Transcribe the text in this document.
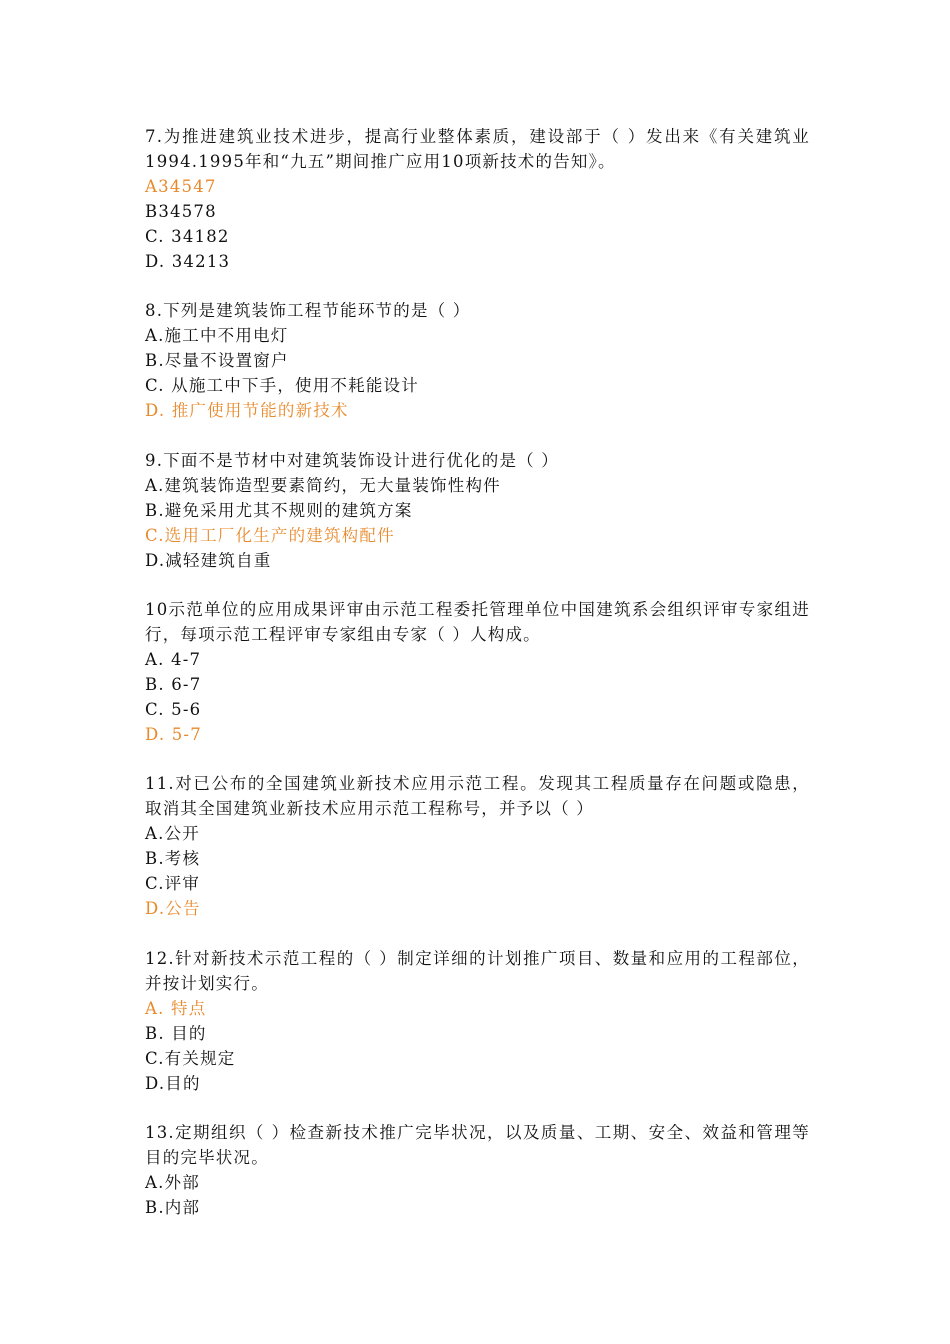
7.为推进建筑业技术进步，提高行业整体素质，建设部于（ ）发出来《有关建筑业1994.1995年和“九五”期间推广应用10项新技术的告知》。

A34547
B34578
C. 34182
D. 34213

8.下列是建筑装饰工程节能环节的是（ ）

A.施工中不用电灯
B.尽量不设置窗户
C. 从施工中下手，使用不耗能设计
D. 推广使用节能的新技术

9.下面不是节材中对建筑装饰设计进行优化的是（ ）

A.建筑装饰造型要素简约，无大量装饰性构件
B.避免采用尤其不规则的建筑方案
C.选用工厂化生产的建筑构配件
D.减轻建筑自重

10示范单位的应用成果评审由示范工程委托管理单位中国建筑系会组织评审专家组进行，每项示范工程评审专家组由专家（ ）人构成。

A. 4-7
B. 6-7
C. 5-6
D. 5-7

11.对已公布的全国建筑业新技术应用示范工程。发现其工程质量存在问题或隐患，取消其全国建筑业新技术应用示范工程称号，并予以（ ）

A.公开
B.考核
C.评审
D.公告

12.针对新技术示范工程的（ ）制定详细的计划推广项目、数量和应用的工程部位，并按计划实行。

A. 特点
B. 目的
C.有关规定
D.目的

13.定期组织（ ）检查新技术推广完毕状况，以及质量、工期、安全、效益和管理等目的完毕状况。

A.外部
B.内部
